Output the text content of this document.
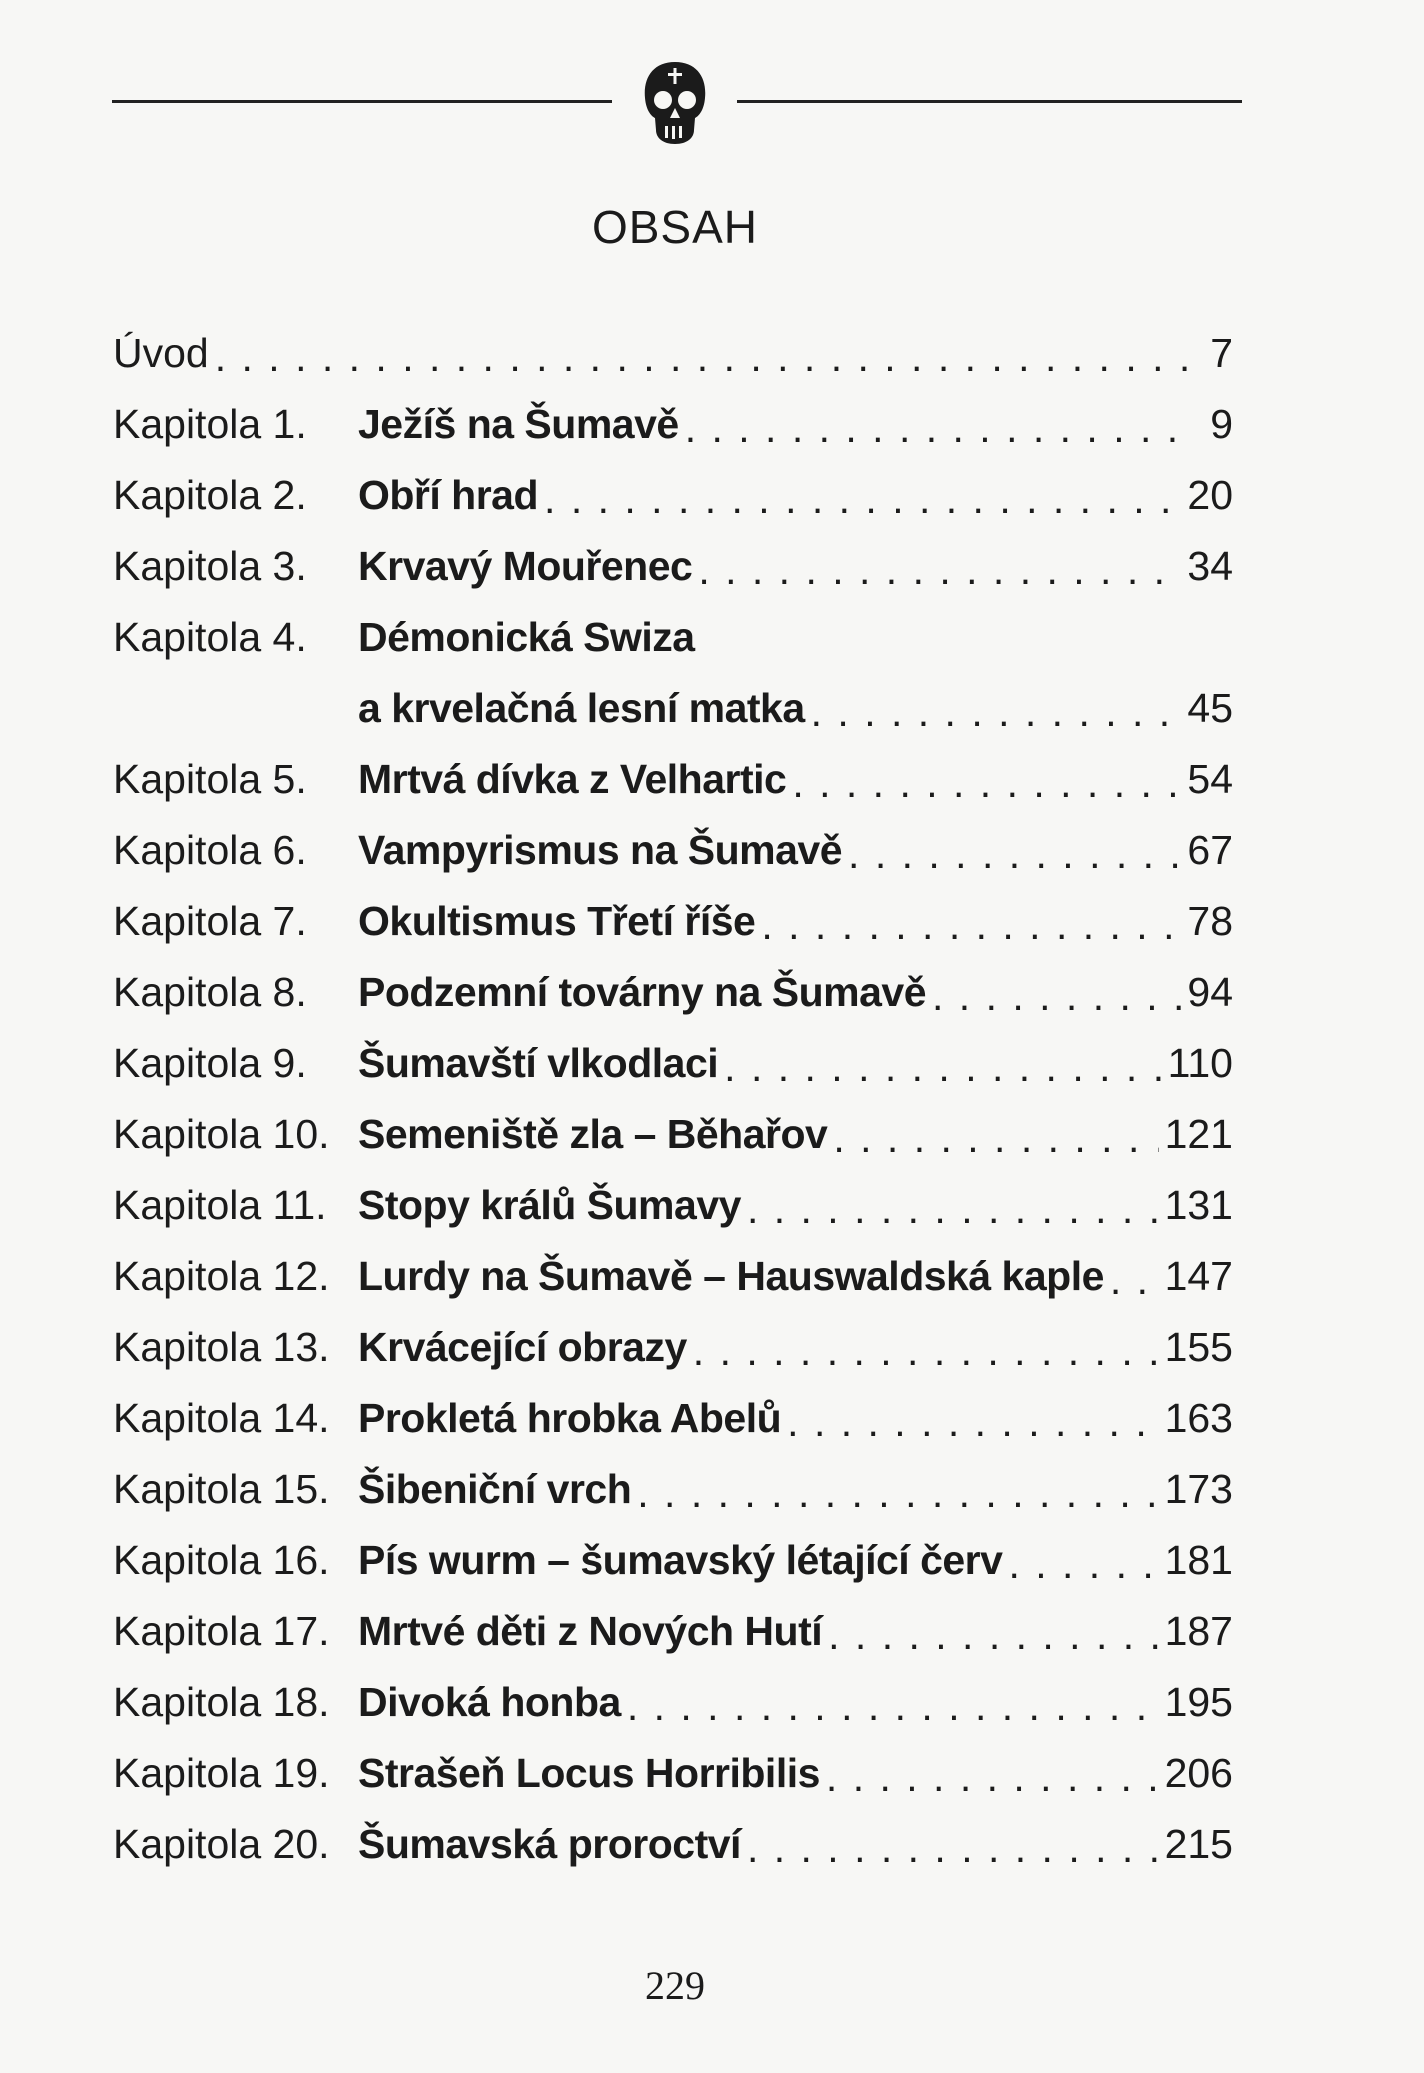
OBSAH
Úvod . . .	7
Kapitola 1.	Ježíš na Šumavě . . .	9
Kapitola 2.	Obří hrad . . .	20
Kapitola 3.	Krvavý Mouřenec . . .	34
Kapitola 4.	Démonická Swiza
a krvelačná lesní matka . . .	45
Kapitola 5.	Mrtvá dívka z Velhartic . . .	54
Kapitola 6.	Vampyrismus na Šumavě . . .	67
Kapitola 7.	Okultismus Třetí říše . . .	78
Kapitola 8.	Podzemní továrny na Šumavě . . .	94
Kapitola 9.	Šumavští vlkodlaci . . .	110
Kapitola 10. Semeniště zla – Běhařov . . .	121
Kapitola 11. Stopy králů Šumavy . . .	131
Kapitola 12. Lurdy na Šumavě – Hauswaldská kaple . . . 147
Kapitola 13. Krvácející obrazy . . .	155
Kapitola 14. Prokletá hrobka Abelů . . .	163
Kapitola 15. Šibeniční vrch . . .	173
Kapitola 16. Pís wurm – šumavský létající červ . . .	181
Kapitola 17. Mrtvé děti z Nových Hutí . . .	187
Kapitola 18. Divoká honba . . .	195
Kapitola 19. Strašeň Locus Horribilis . . .	206
Kapitola 20. Šumavská proroctví . . .	215
229
